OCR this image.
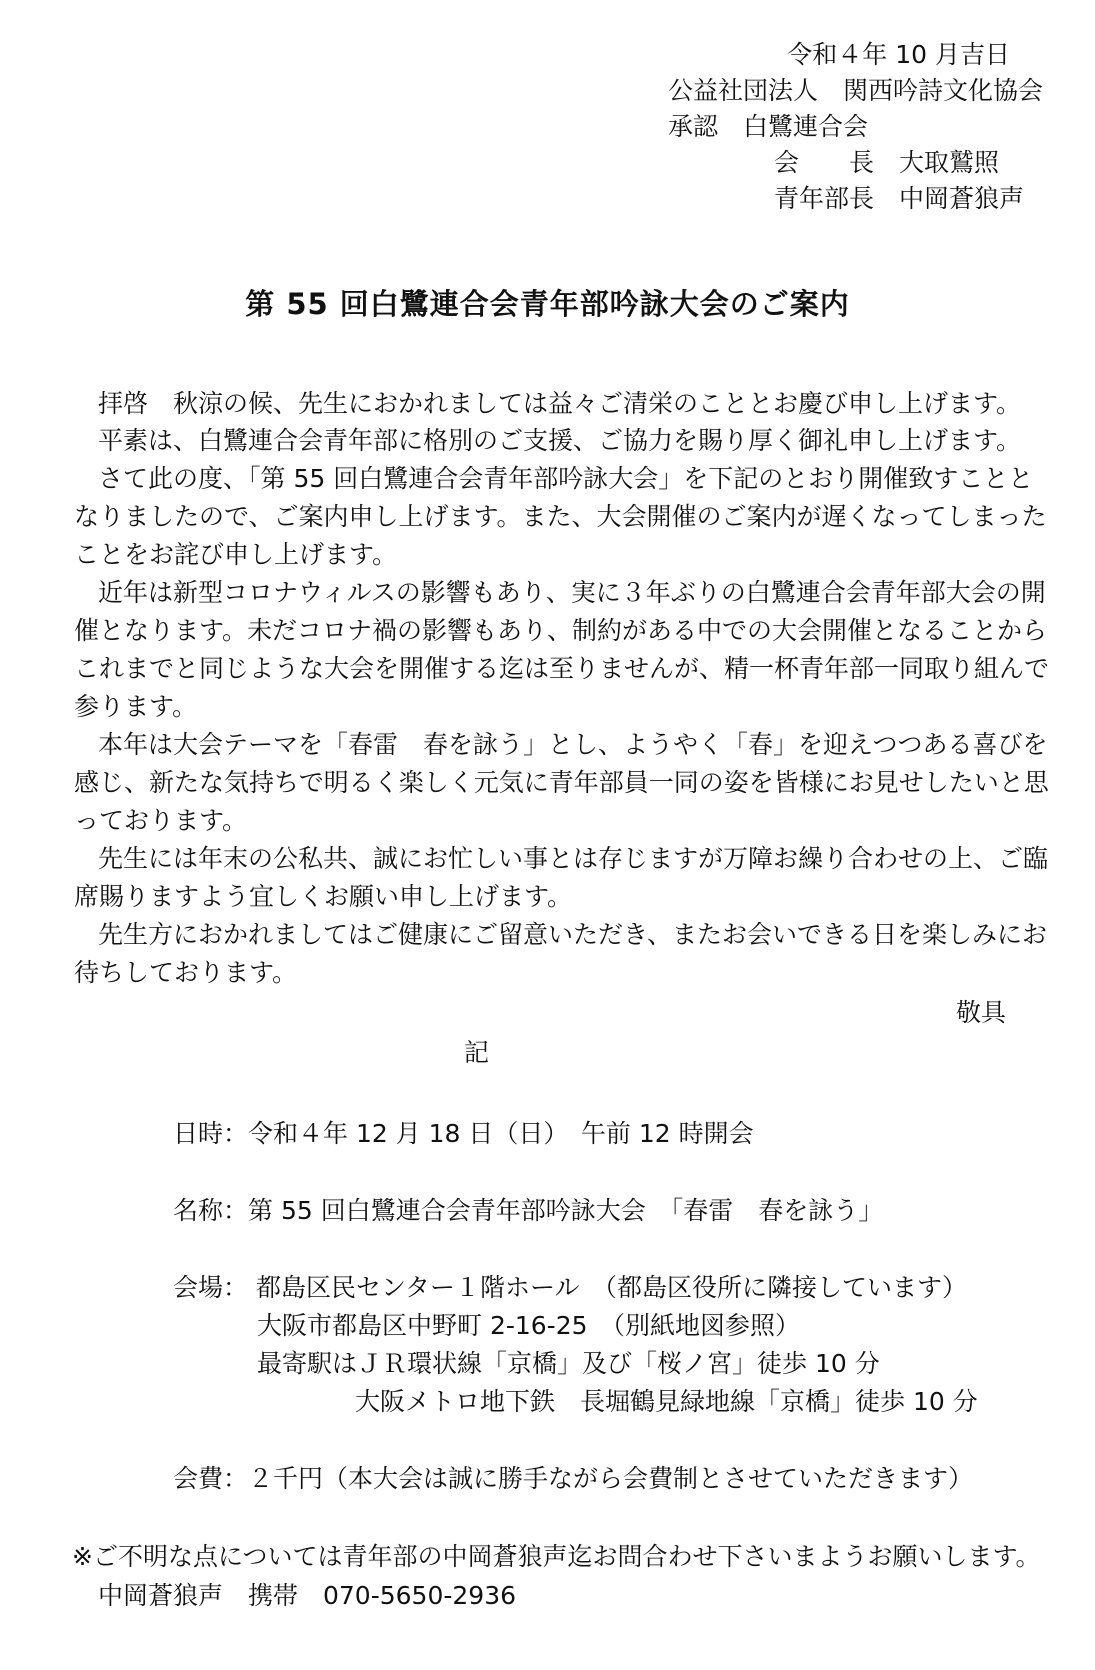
令和４年 10 月吉日
公益社団法人　関西吟詩文化協会
承認　白鷺連合会
会　　長　大取鷲照
青年部長　中岡蒼狼声
第 55 回白鷺連合会青年部吟詠大会のご案内
拝啓　秋涼の候、先生におかれましては益々ご清栄のこととお慶び申し上げます。
平素は、白鷺連合会青年部に格別のご支援、ご協力を賜り厚く御礼申し上げます。
さて此の度、「第 55 回白鷺連合会青年部吟詠大会」を下記のとおり開催致すことと
なりましたので、ご案内申し上げます。また、大会開催のご案内が遅くなってしまった
ことをお詫び申し上げます。
近年は新型コロナウィルスの影響もあり、実に３年ぶりの白鷺連合会青年部大会の開
催となります。未だコロナ禍の影響もあり、制約がある中での大会開催となることから
これまでと同じような大会を開催する迄は至りませんが、精一杯青年部一同取り組んで
参ります。
本年は大会テーマを「春雷　春を詠う」とし、ようやく「春」を迎えつつある喜びを
感じ、新たな気持ちで明るく楽しく元気に青年部員一同の姿を皆様にお見せしたいと思
っております。
先生には年末の公私共、誠にお忙しい事とは存じますが万障お繰り合わせの上、ご臨
席賜りますよう宜しくお願い申し上げます。
先生方におかれましてはご健康にご留意いただき、またお会いできる日を楽しみにお
待ちしております。
敬具
記
日時：令和４年 12 月 18 日（日）　午前 12 時開会
名称：第 55 回白鷺連合会青年部吟詠大会　「春雷　春を詠う」
会場： 都島区民センター１階ホール　（都島区役所に隣接しています）
大阪市都島区中野町 2-16-25　（別紙地図参照）
最寄駅はＪＲ環状線「京橋」及び「桜ノ宮」徒歩 10 分
大阪メトロ地下鉄　長堀鶴見緑地線「京橋」徒歩 10 分
会費：２千円（本大会は誠に勝手ながら会費制とさせていただきます）
※ご不明な点については青年部の中岡蒼狼声迄お問合わせ下さいまようお願いします。
中岡蒼狼声　携帯　070-5650-2936
